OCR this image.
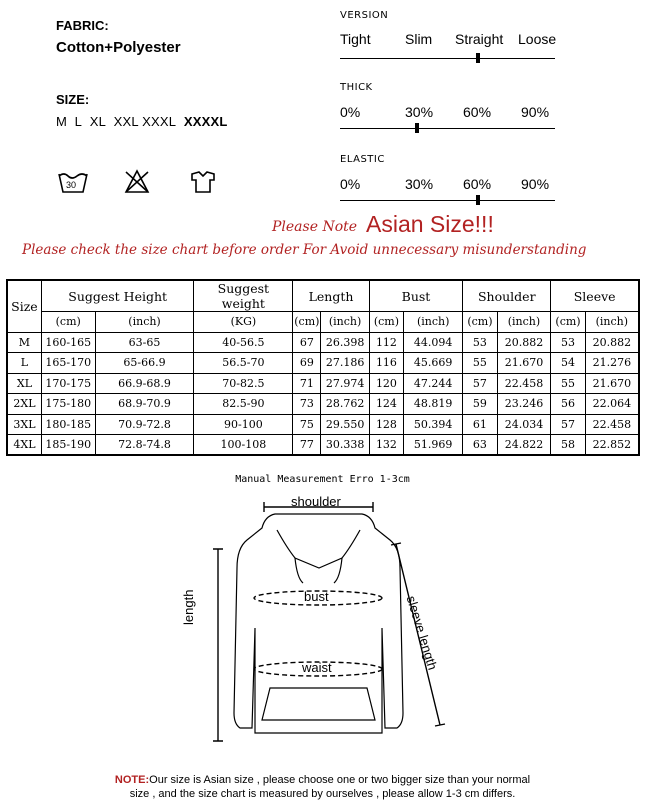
FABRIC:
Cotton+Polyester
SIZE:
M L XL XXL XXXL XXXXL
30
VERSION
Tight Slim Straight Loose
THICK
0%	30% 60% 90%
ELASTIC
0%	30% 60% 90%
Please Note Asian Size!!!
Please check the size chart before order For Avoid unnecessary misunderstanding
Size	Suggest Height		Suggest weight	Length		Bust		Shoulder		Sleeve	
	(cm)	(inch)	(KG)	(cm)	(inch)	(cm)	(inch)	(cm)	(inch)	(cm)	(inch)
M	160-165	63-65	40-56.5	67	26.398	112	44.094	53	20.882	53	20.882
L	165-170	65-66.9	56.5-70	69	27.186	116	45.669	55	21.670	54	21.276
XL	170-175	66.9-68.9	70-82.5	71	27.974	120	47.244	57	22.458	55	21.670
2XL	175-180	68.9-70.9	82.5-90	73	28.762	124	48.819	59	23.246	56	22.064
3XL	180-185	70.9-72.8	90-100	75	29.550	128	50.394	61	24.034	57	22.458
4XL	185-190	72.8-74.8	100-108	77	30.338	132	51.969	63	24.822	58	22.852
Manual Measurement Erro 1-3cm
shoulder
bust
waist
length	sleeve length
NOTE:Our size is Asian size , please choose one or two bigger size than your normal
size , and the size chart is measured by ourselves , please allow 1-3 cm differs.
